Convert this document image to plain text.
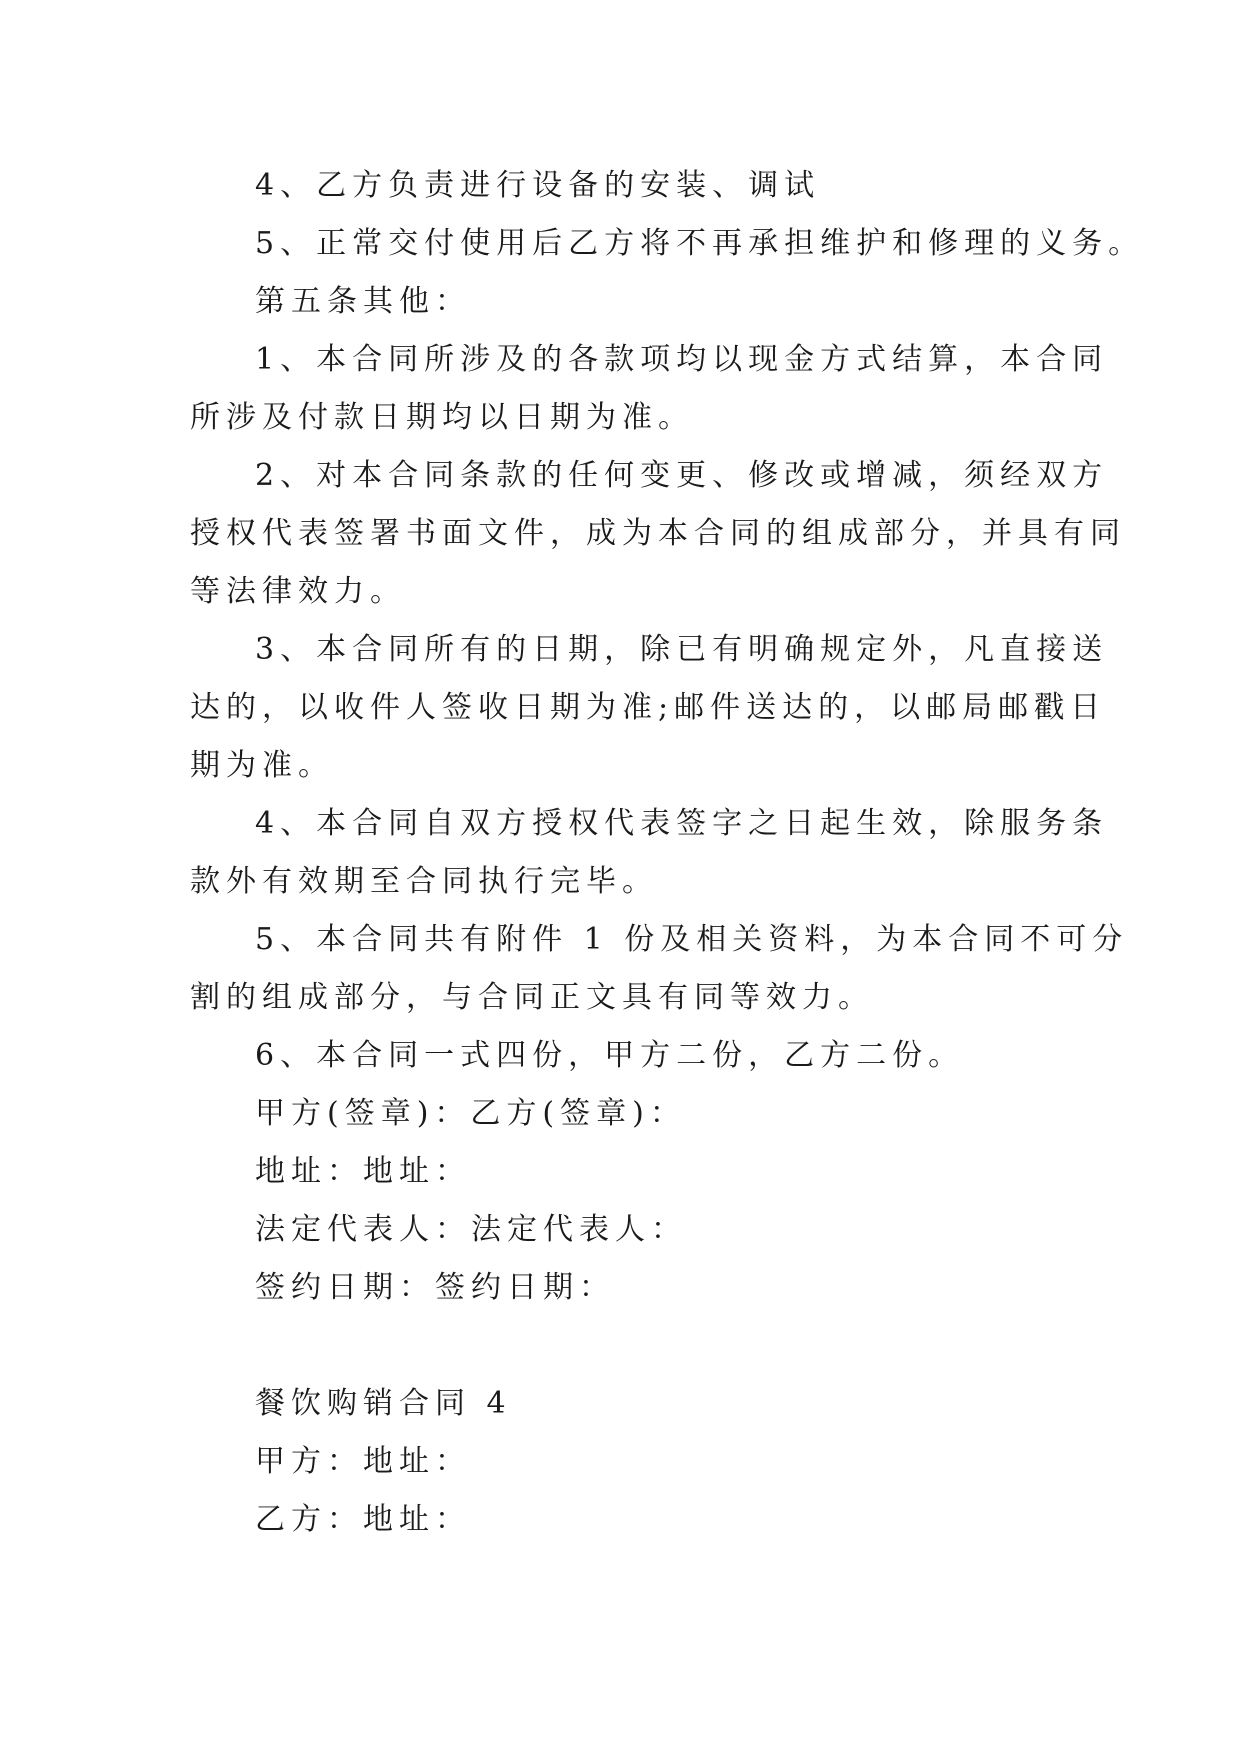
4、乙方负责进行设备的安装、调试
5、正常交付使用后乙方将不再承担维护和修理的义务。
第五条其他：
1、本合同所涉及的各款项均以现金方式结算，本合同
所涉及付款日期均以日期为准。
2、对本合同条款的任何变更、修改或增减，须经双方
授权代表签署书面文件，成为本合同的组成部分，并具有同
等法律效力。
3、本合同所有的日期，除已有明确规定外，凡直接送
达的，以收件人签收日期为准;邮件送达的，以邮局邮戳日
期为准。
4、本合同自双方授权代表签字之日起生效，除服务条
款外有效期至合同执行完毕。
5、本合同共有附件 1 份及相关资料，为本合同不可分
割的组成部分，与合同正文具有同等效力。
6、本合同一式四份，甲方二份，乙方二份。
甲方(签章)：乙方(签章)：
地址：地址：
法定代表人：法定代表人：
签约日期：签约日期：
餐饮购销合同 4
甲方：地址：
乙方：地址：
